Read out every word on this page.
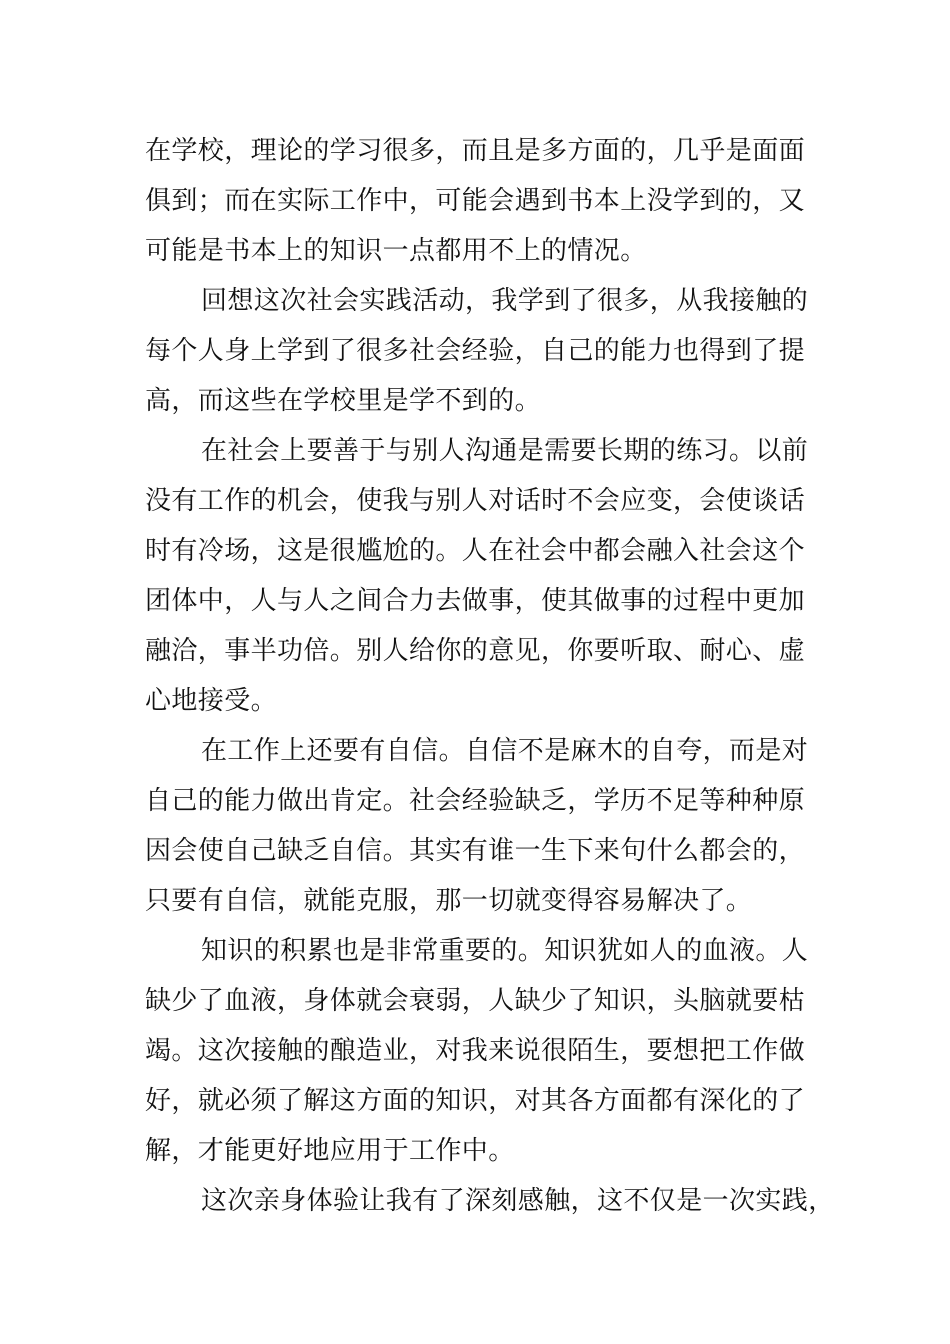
在学校，理论的学习很多，而且是多方面的，几乎是面面
俱到；而在实际工作中，可能会遇到书本上没学到的，又
可能是书本上的知识一点都用不上的情况。
回想这次社会实践活动，我学到了很多，从我接触的
每个人身上学到了很多社会经验，自己的能力也得到了提
高，而这些在学校里是学不到的。
在社会上要善于与别人沟通是需要长期的练习。以前
没有工作的机会，使我与别人对话时不会应变，会使谈话
时有冷场，这是很尴尬的。人在社会中都会融入社会这个
团体中，人与人之间合力去做事，使其做事的过程中更加
融洽，事半功倍。别人给你的意见，你要听取、耐心、虚
心地接受。
在工作上还要有自信。自信不是麻木的自夸，而是对
自己的能力做出肯定。社会经验缺乏，学历不足等种种原
因会使自己缺乏自信。其实有谁一生下来句什么都会的，
只要有自信，就能克服，那一切就变得容易解决了。
知识的积累也是非常重要的。知识犹如人的血液。人
缺少了血液，身体就会衰弱，人缺少了知识，头脑就要枯
竭。这次接触的酿造业，对我来说很陌生，要想把工作做
好，就必须了解这方面的知识，对其各方面都有深化的了
解，才能更好地应用于工作中。
这次亲身体验让我有了深刻感触，这不仅是一次实践，
